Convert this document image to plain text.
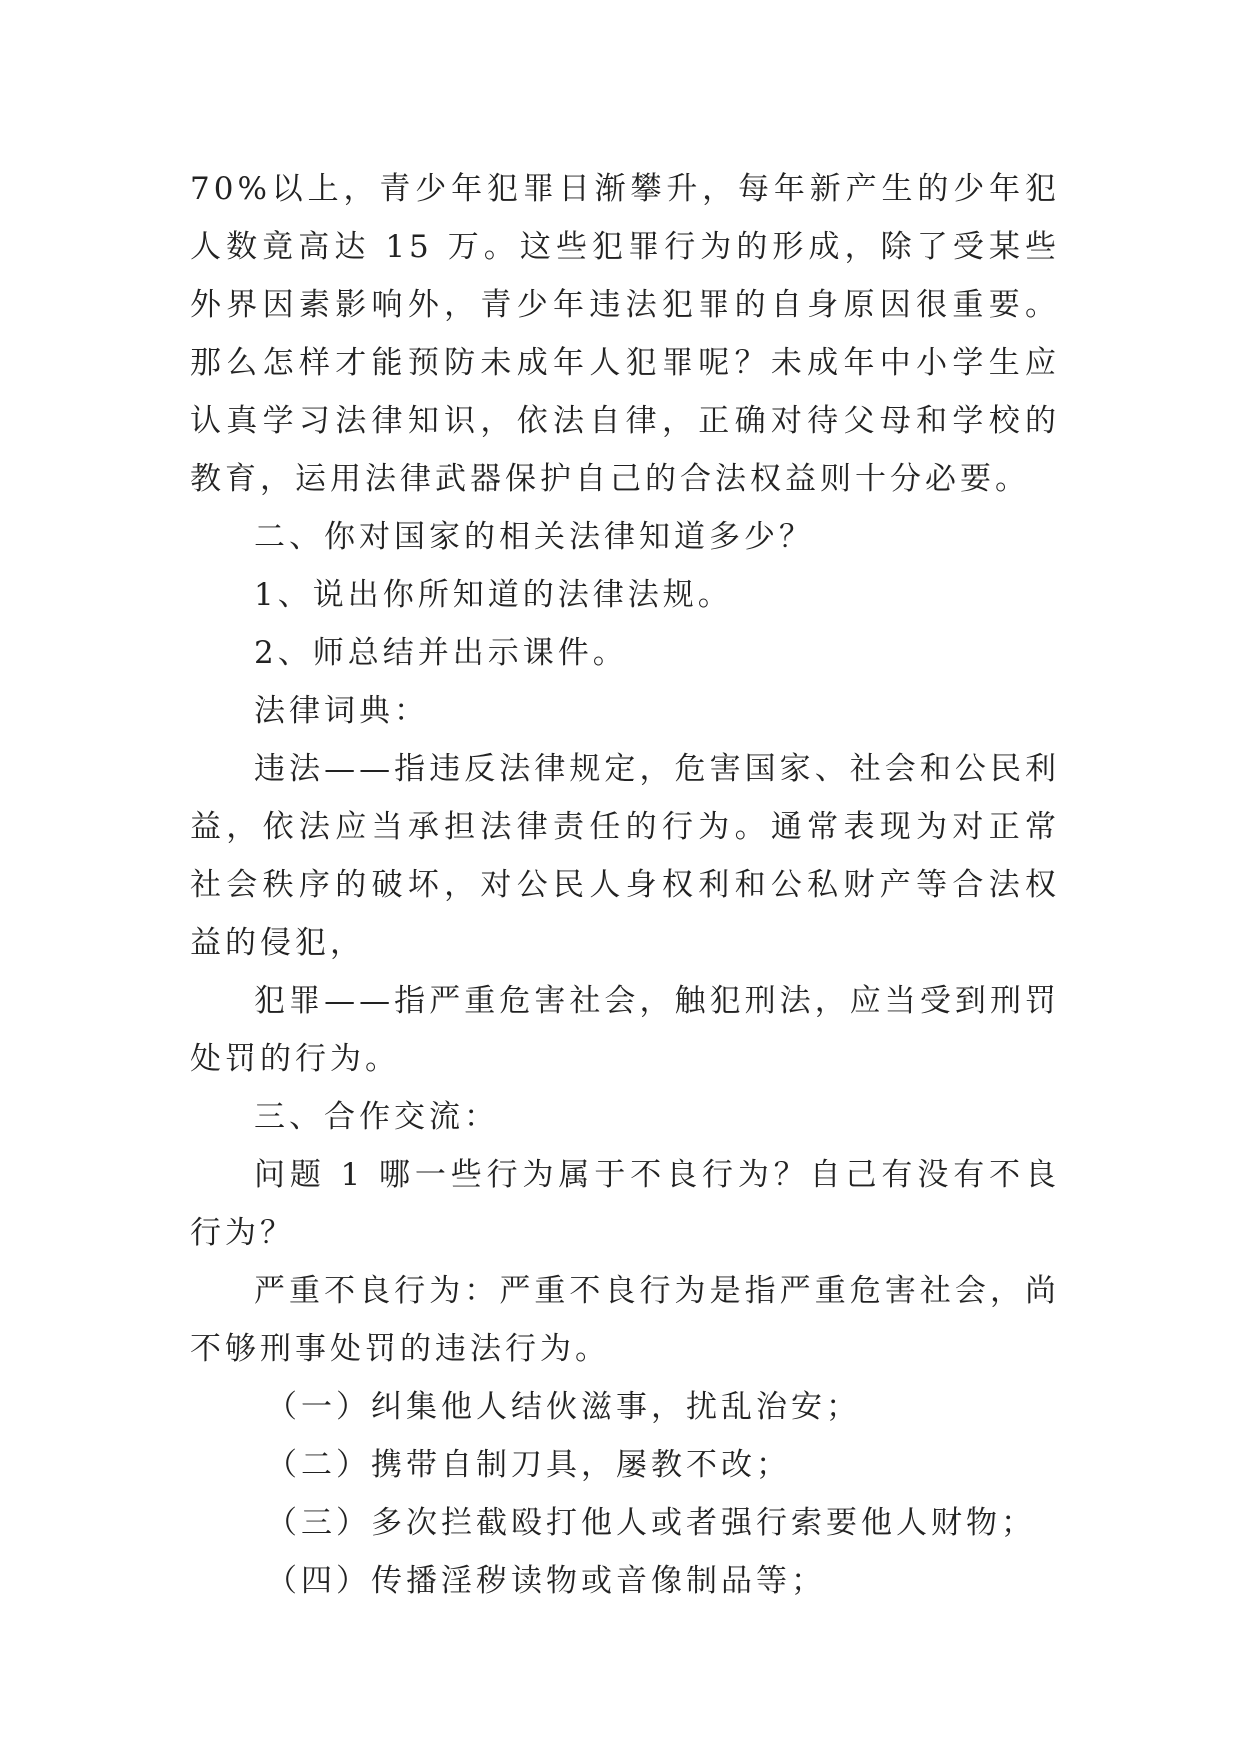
70%以上，青少年犯罪日渐攀升，每年新产生的少年犯人数竟高达 15 万。这些犯罪行为的形成，除了受某些外界因素影响外，青少年违法犯罪的自身原因很重要。那么怎样才能预防未成年人犯罪呢？未成年中小学生应认真学习法律知识，依法自律，正确对待父母和学校的教育，运用法律武器保护自己的合法权益则十分必要。

二、你对国家的相关法律知道多少？

1、说出你所知道的法律法规。

2、师总结并出示课件。

法律词典：

违法——指违反法律规定，危害国家、社会和公民利益，依法应当承担法律责任的行为。通常表现为对正常社会秩序的破坏，对公民人身权利和公私财产等合法权益的侵犯，

犯罪——指严重危害社会，触犯刑法，应当受到刑罚处罚的行为。

三、合作交流：

问题 1 哪一些行为属于不良行为？自己有没有不良行为？

严重不良行为：严重不良行为是指严重危害社会，尚不够刑事处罚的违法行为。

（一）纠集他人结伙滋事，扰乱治安；

（二）携带自制刀具，屡教不改；

（三）多次拦截殴打他人或者强行索要他人财物；

（四）传播淫秽读物或音像制品等；
